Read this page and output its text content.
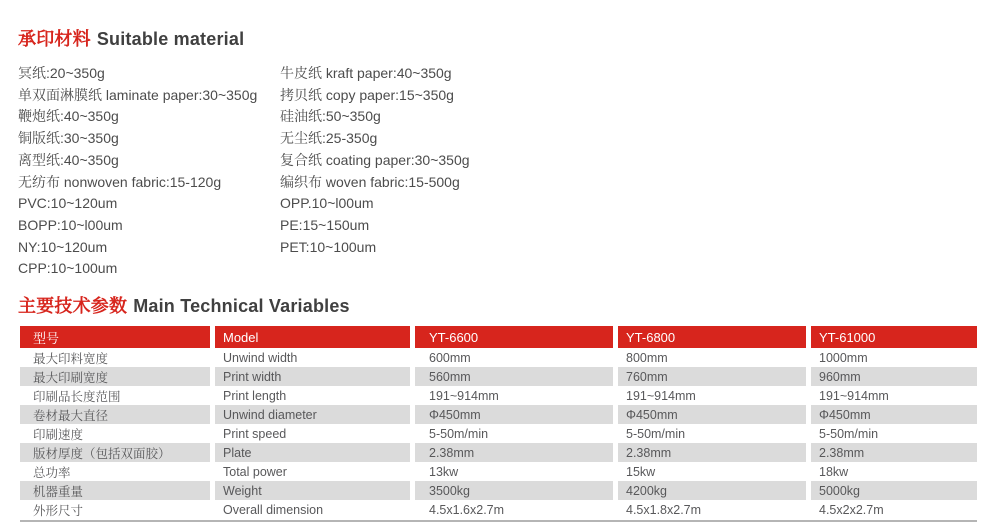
承印材料 Suitable material
冥纸:20~350g
单双面淋膜纸 laminate paper:30~350g
鞭炮纸:40~350g
铜版纸:30~350g
离型纸:40~350g
无纺布 nonwoven fabric:15-120g
PVC:10~120um
BOPP:10~l00um
NY:10~120um
CPP:10~100um
牛皮纸 kraft paper:40~350g
拷贝纸 copy paper:15~350g
硅油纸:50~350g
无尘纸:25-350g
复合纸 coating paper:30~350g
编织布 woven fabric:15-500g
OPP.10~l00um
PE:15~150um
PET:10~100um
主要技术参数 Main Technical Variables
型号	Model	YT-6600	YT-6800	YT-61000
最大印料宽度	Unwind width	600mm	800mm	1000mm
最大印刷宽度	Print width	560mm	760mm	960mm
印刷品长度范围	Print length	191~914mm	191~914mm	191~914mm
卷材最大直径	Unwind diameter	Φ450mm	Φ450mm	Φ450mm
印刷速度	Print speed	5-50m/min	5-50m/min	5-50m/min
版材厚度（包括双面胶）	Plate	2.38mm	2.38mm	2.38mm
总功率	Total power	13kw	15kw	18kw
机器重量	Weight	3500kg	4200kg	5000kg
外形尺寸	Overall dimension	4.5x1.6x2.7m	4.5x1.8x2.7m	4.5x2x2.7m
